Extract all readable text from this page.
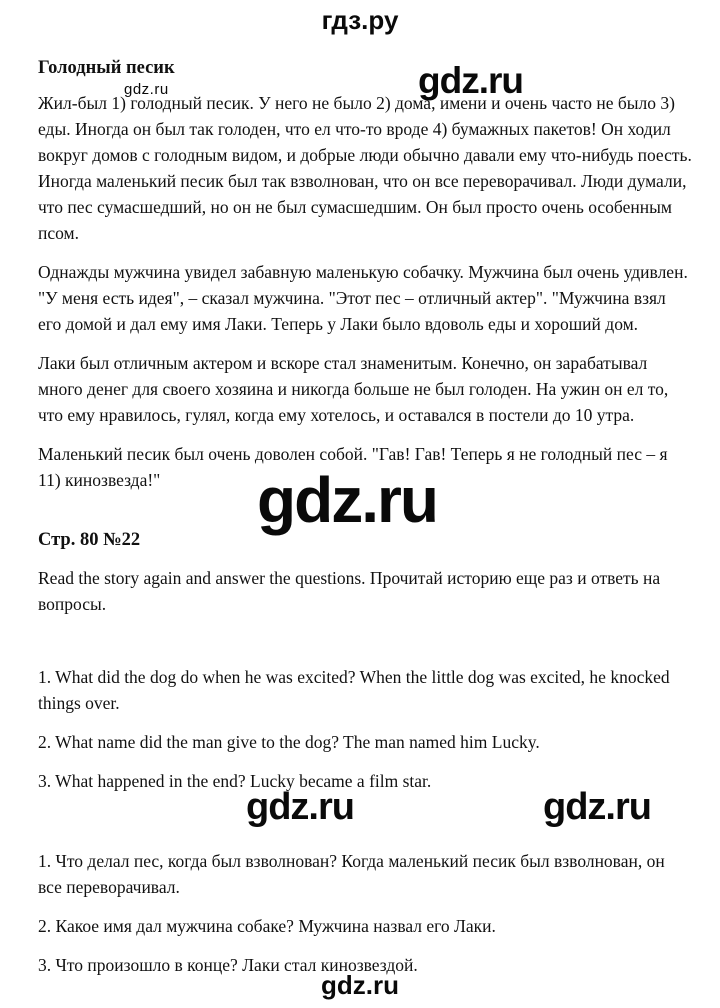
гдз.ру
Голодный песик

Жил-был 1) голодный песик. У него не было 2) дома, имени и очень часто не было 3) еды. Иногда он был так голоден, что ел что-то вроде 4) бумажных пакетов! Он ходил вокруг домов с голодным видом, и добрые люди обычно давали ему что-нибудь поесть. Иногда маленький песик был так взволнован, что он все переворачивал. Люди думали, что пес сумасшедший, но он не был сумасшедшим. Он был просто очень особенным псом.

Однажды мужчина увидел забавную маленькую собачку. Мужчина был очень удивлен. "У меня есть идея", – сказал мужчина. "Этот пес – отличный актер". "Мужчина взял его домой и дал ему имя Лаки. Теперь у Лаки было вдоволь еды и хороший дом.

Лаки был отличным актером и вскоре стал знаменитым. Конечно, он зарабатывал много денег для своего хозяина и никогда больше не был голоден. На ужин он ел то, что ему нравилось, гулял, когда ему хотелось, и оставался в постели до 10 утра.

Маленький песик был очень доволен собой. "Гав! Гав! Теперь я не голодный пес – я 11) кинозвезда!"

Стр. 80 №22

Read the story again and answer the questions. Прочитай историю еще раз и ответь на вопросы.

1. What did the dog do when he was excited? When the little dog was excited, he knocked things over.

2. What name did the man give to the dog? The man named him Lucky.

3. What happened in the end? Lucky became a film star.

1. Что делал пес, когда был взволнован? Когда маленький песик был взволнован, он все переворачивал.

2. Какое имя дал мужчина собаке? Мужчина назвал его Лаки.

3. Что произошло в конце? Лаки стал кинозвездой.

gdz.ru	gdz.ru
gdz.ru
gdz.ru	gdz.ru
gdz.ru
